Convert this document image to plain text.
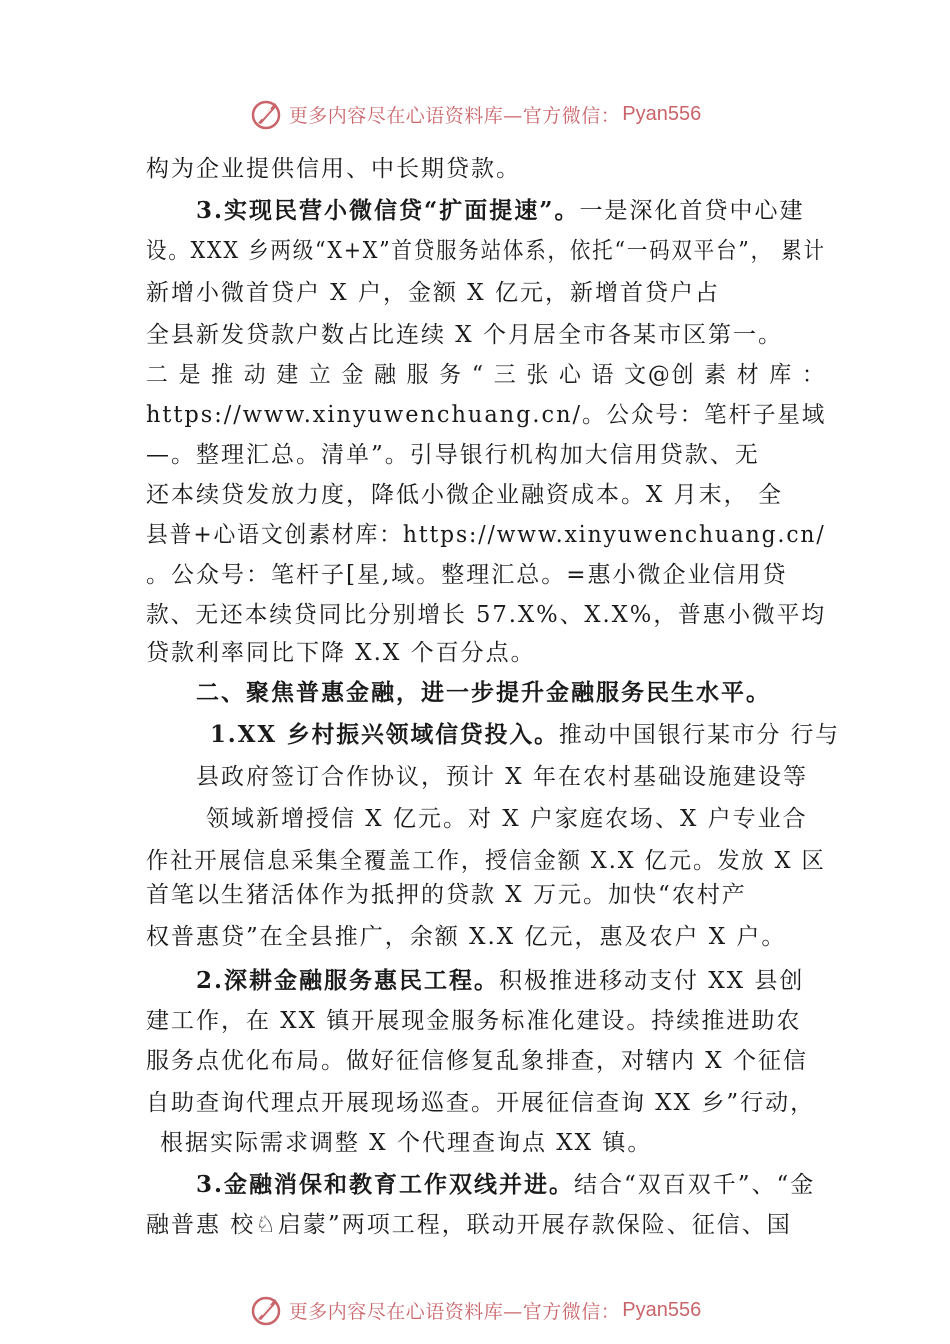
更多内容尽在心语资料库—官方微信： Pyan556
构为企业提供信用、中长期贷款。
3.实现民营小微信贷“扩面提速”。一是深化首贷中心建
设。XXX 乡两级“X+X”首贷服务站体系，依托“一码双平台”， 累计
新增小微首贷户 X 户，金额 X 亿元，新增首贷户占
全县新发贷款户数占比连续 X 个月居全市各某市区第一。
二 是 推 动 建 立 金 融 服 务 “ 三 张 心 语 文@创 素 材 库 ：
https://www.xinyuwenchuang.cn/。公众号：笔杆子星域
—。整理汇总。清单”。引导银行机构加大信用贷款、无
还本续贷发放力度，降低小微企业融资成本。X 月末， 全
县普+心语文创素材库：https://www.xinyuwenchuang.cn/
。公众号：笔杆子[星,域。整理汇总。=惠小微企业信用贷
款、无还本续贷同比分别增长 57.X%、X.X%，普惠小微平均
贷款利率同比下降 X.X 个百分点。
二、聚焦普惠金融，进一步提升金融服务民生水平。
1.XX 乡村振兴领域信贷投入。推动中国银行某市分 行与
县政府签订合作协议，预计 X 年在农村基础设施建设等
领域新增授信 X 亿元。对 X 户家庭农场、X 户专业合
作社开展信息采集全覆盖工作，授信金额 X.X 亿元。发放 X 区
首笔以生猪活体作为抵押的贷款 X 万元。加快“农村产
权普惠贷”在全县推广，余额 X.X 亿元，惠及农户 X 户。
2.深耕金融服务惠民工程。积极推进移动支付 XX 县创
建工作，在 XX 镇开展现金服务标准化建设。持续推进助农
服务点优化布局。做好征信修复乱象排查，对辖内 X 个征信
自助查询代理点开展现场巡查。开展征信查询 XX 乡”行动，
根据实际需求调整 X 个代理查询点 XX 镇。
3.金融消保和教育工作双线并进。结合“双百双千”、“金
融普惠 校♘启蒙”两项工程，联动开展存款保险、征信、国
更多内容尽在心语资料库—官方微信： Pyan556
